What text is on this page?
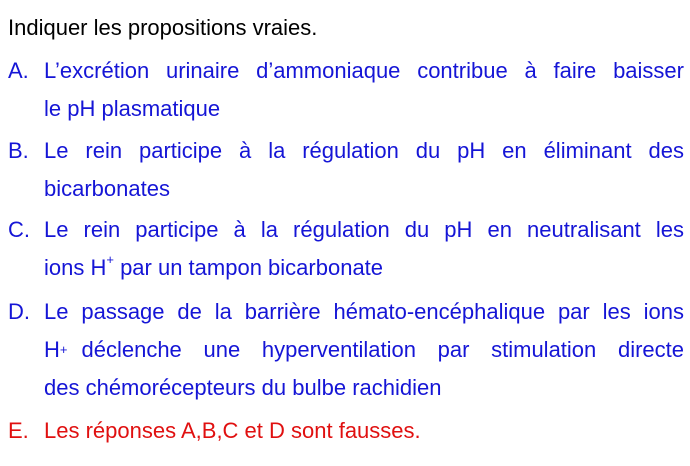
Indiquer les propositions vraies.
A. L’excrétion urinaire d’ammoniaque contribue à faire baisser
le pH plasmatique
B. Le rein participe à la régulation du pH en éliminant des
bicarbonates
C. Le rein participe à la régulation du pH en neutralisant les
ions H+ par un tampon bicarbonate
D. Le passage de la barrière hémato-encéphalique par les ions
H+ déclenche une hyperventilation par stimulation directe
des chémorécepteurs du bulbe rachidien
E. Les réponses A,B,C et D sont fausses.
